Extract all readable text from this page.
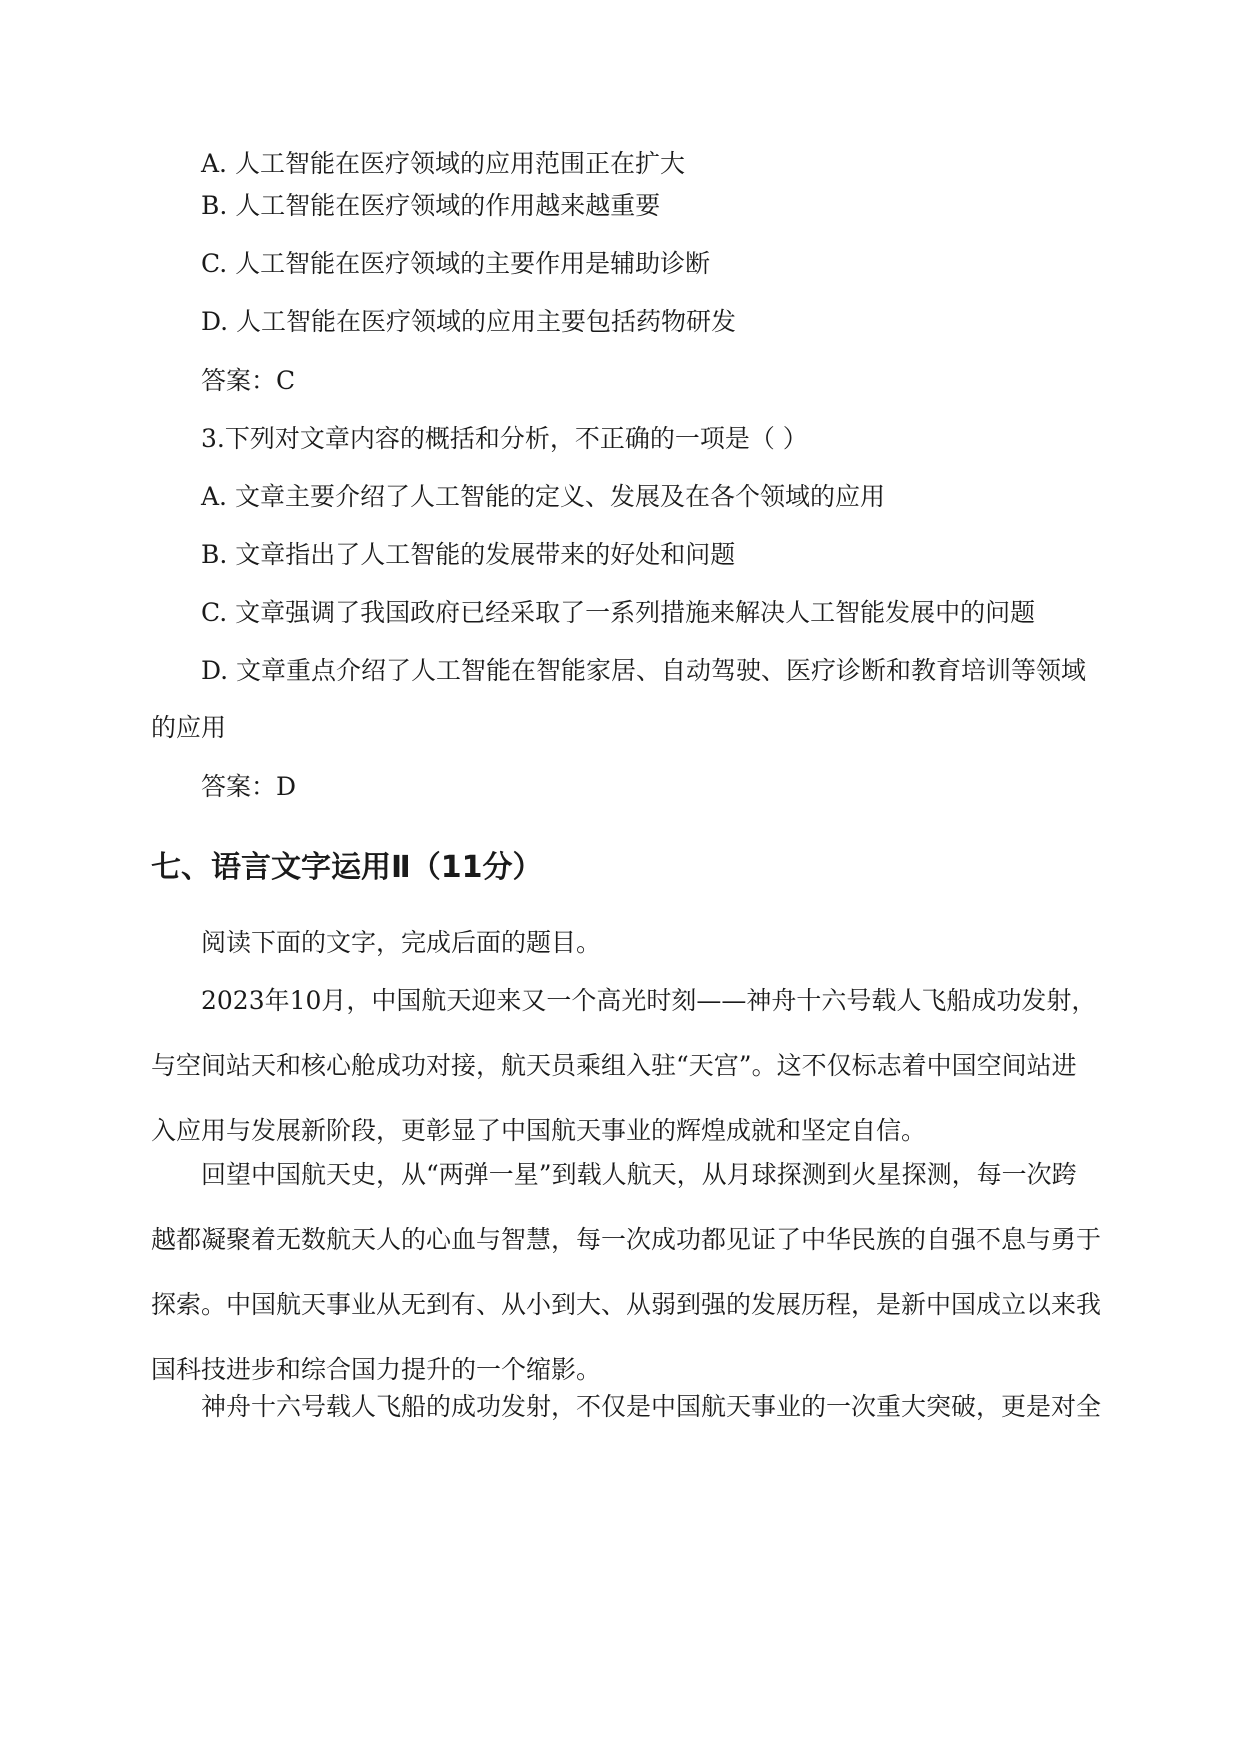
A. 人工智能在医疗领域的应用范围正在扩大

B. 人工智能在医疗领域的作用越来越重要

C. 人工智能在医疗领域的主要作用是辅助诊断

D. 人工智能在医疗领域的应用主要包括药物研发

答案：C

3.下列对文章内容的概括和分析，不正确的一项是（ ）

A. 文章主要介绍了人工智能的定义、发展及在各个领域的应用

B. 文章指出了人工智能的发展带来的好处和问题

C. 文章强调了我国政府已经采取了一系列措施来解决人工智能发展中的问题

D. 文章重点介绍了人工智能在智能家居、自动驾驶、医疗诊断和教育培训等领域

的应用

答案：D

七、语言文字运用Ⅱ（11分）

阅读下面的文字，完成后面的题目。

2023年10月，中国航天迎来又一个高光时刻——神舟十六号载人飞船成功发射，
与空间站天和核心舱成功对接，航天员乘组入驻“天宫”。这不仅标志着中国空间站进
入应用与发展新阶段，更彰显了中国航天事业的辉煌成就和坚定自信。
回望中国航天史，从“两弹一星”到载人航天，从月球探测到火星探测，每一次跨
越都凝聚着无数航天人的心血与智慧，每一次成功都见证了中华民族的自强不息与勇于
探索。中国航天事业从无到有、从小到大、从弱到强的发展历程，是新中国成立以来我
国科技进步和综合国力提升的一个缩影。
神舟十六号载人飞船的成功发射，不仅是中国航天事业的一次重大突破，更是对全
